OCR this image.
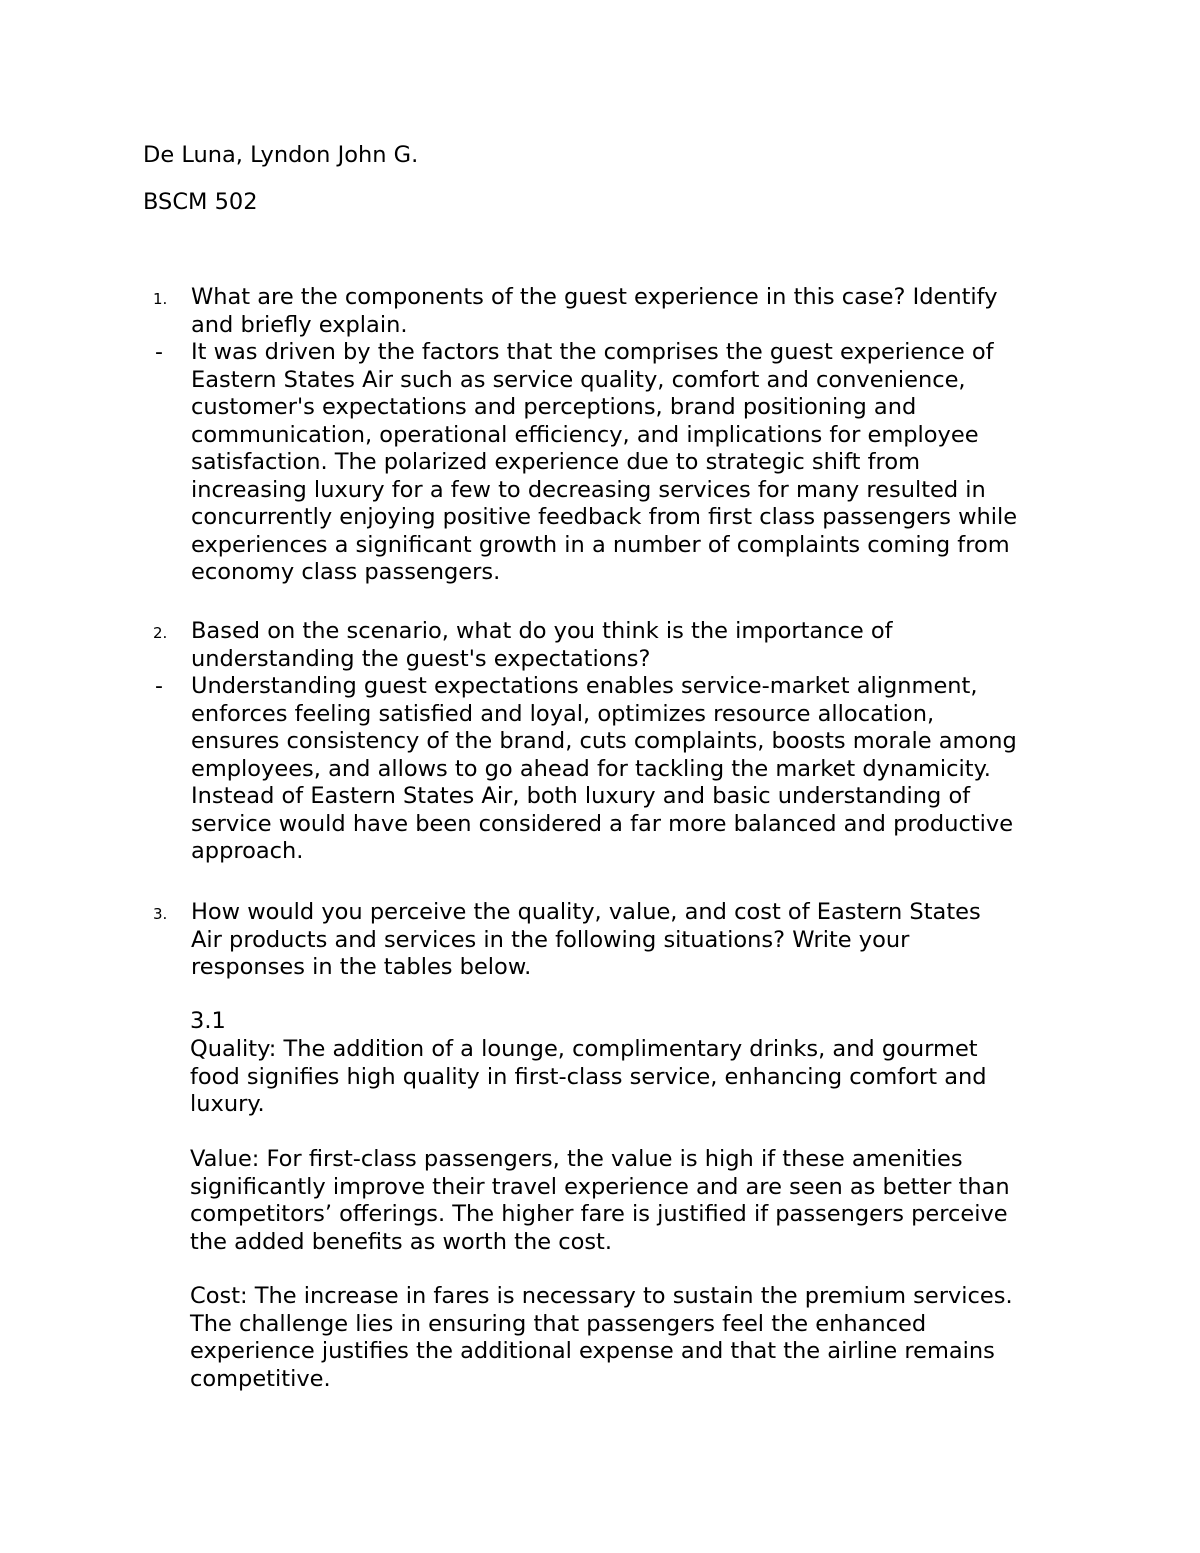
De Luna, Lyndon John G.
BSCM 502
1. What are the components of the guest experience in this case? Identify
and briefly explain.
- It was driven by the factors that the comprises the guest experience of
Eastern States Air such as service quality, comfort and convenience,
customer's expectations and perceptions, brand positioning and
communication, operational efficiency, and implications for employee
satisfaction. The polarized experience due to strategic shift from
increasing luxury for a few to decreasing services for many resulted in
concurrently enjoying positive feedback from first class passengers while
experiences a significant growth in a number of complaints coming from
economy class passengers.
2. Based on the scenario, what do you think is the importance of
understanding the guest's expectations?
- Understanding guest expectations enables service-market alignment,
enforces feeling satisfied and loyal, optimizes resource allocation,
ensures consistency of the brand, cuts complaints, boosts morale among
employees, and allows to go ahead for tackling the market dynamicity.
Instead of Eastern States Air, both luxury and basic understanding of
service would have been considered a far more balanced and productive
approach.
3. How would you perceive the quality, value, and cost of Eastern States
Air products and services in the following situations? Write your
responses in the tables below.
3.1
Quality: The addition of a lounge, complimentary drinks, and gourmet
food signifies high quality in first-class service, enhancing comfort and
luxury.
Value: For first-class passengers, the value is high if these amenities
significantly improve their travel experience and are seen as better than
competitors’ offerings. The higher fare is justified if passengers perceive
the added benefits as worth the cost.
Cost: The increase in fares is necessary to sustain the premium services.
The challenge lies in ensuring that passengers feel the enhanced
experience justifies the additional expense and that the airline remains
competitive.
